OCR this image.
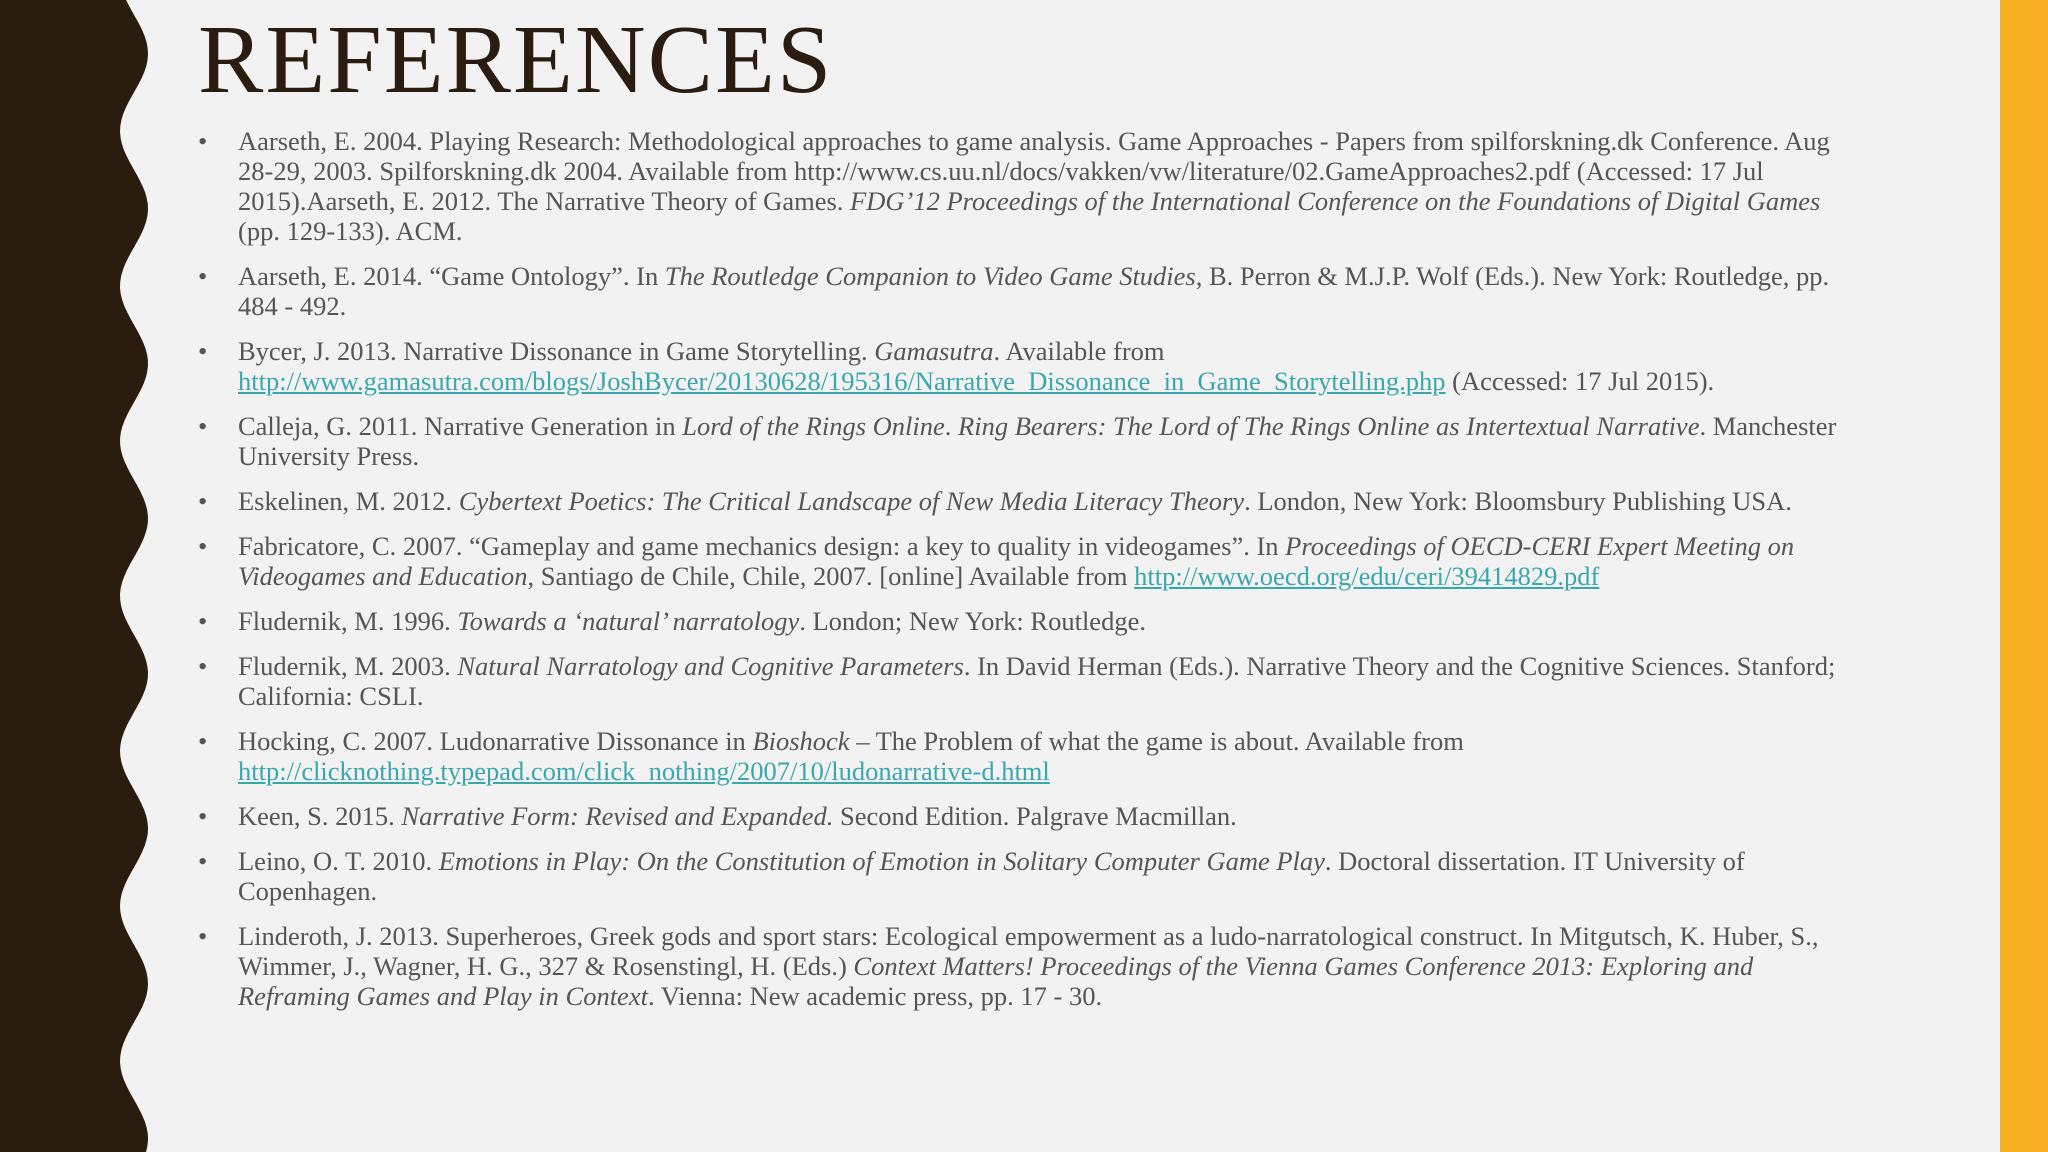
REFERENCES
• Aarseth, E. 2004. Playing Research: Methodological approaches to game analysis. Game Approaches - Papers from spilforskning.dk Conference. Aug 28-29, 2003. Spilforskning.dk 2004. Available from http://www.cs.uu.nl/docs/vakken/vw/literature/02.GameApproaches2.pdf (Accessed: 17 Jul 2015).Aarseth, E. 2012. The Narrative Theory of Games. FDG’12 Proceedings of the International Conference on the Foundations of Digital Games (pp. 129-133). ACM.
• Aarseth, E. 2014. “Game Ontology”. In The Routledge Companion to Video Game Studies, B. Perron & M.J.P. Wolf (Eds.). New York: Routledge, pp. 484 - 492.
• Bycer, J. 2013. Narrative Dissonance in Game Storytelling. Gamasutra. Available from http://www.gamasutra.com/blogs/JoshBycer/20130628/195316/Narrative_Dissonance_in_Game_Storytelling.php (Accessed: 17 Jul 2015).
• Calleja, G. 2011. Narrative Generation in Lord of the Rings Online. Ring Bearers: The Lord of The Rings Online as Intertextual Narrative. Manchester University Press.
• Eskelinen, M. 2012. Cybertext Poetics: The Critical Landscape of New Media Literacy Theory. London, New York: Bloomsbury Publishing USA.
• Fabricatore, C. 2007. “Gameplay and game mechanics design: a key to quality in videogames”. In Proceedings of OECD-CERI Expert Meeting on Videogames and Education, Santiago de Chile, Chile, 2007. [online] Available from http://www.oecd.org/edu/ceri/39414829.pdf
• Fludernik, M. 1996. Towards a ‘natural’ narratology. London; New York: Routledge.
• Fludernik, M. 2003. Natural Narratology and Cognitive Parameters. In David Herman (Eds.). Narrative Theory and the Cognitive Sciences. Stanford; California: CSLI.
• Hocking, C. 2007. Ludonarrative Dissonance in Bioshock – The Problem of what the game is about. Available from http://clicknothing.typepad.com/click_nothing/2007/10/ludonarrative-d.html
• Keen, S. 2015. Narrative Form: Revised and Expanded. Second Edition. Palgrave Macmillan.
• Leino, O. T. 2010. Emotions in Play: On the Constitution of Emotion in Solitary Computer Game Play. Doctoral dissertation. IT University of Copenhagen.
• Linderoth, J. 2013. Superheroes, Greek gods and sport stars: Ecological empowerment as a ludo-narratological construct. In Mitgutsch, K. Huber, S., Wimmer, J., Wagner, H. G., 327 & Rosenstingl, H. (Eds.) Context Matters! Proceedings of the Vienna Games Conference 2013: Exploring and Reframing Games and Play in Context. Vienna: New academic press, pp. 17 - 30.
